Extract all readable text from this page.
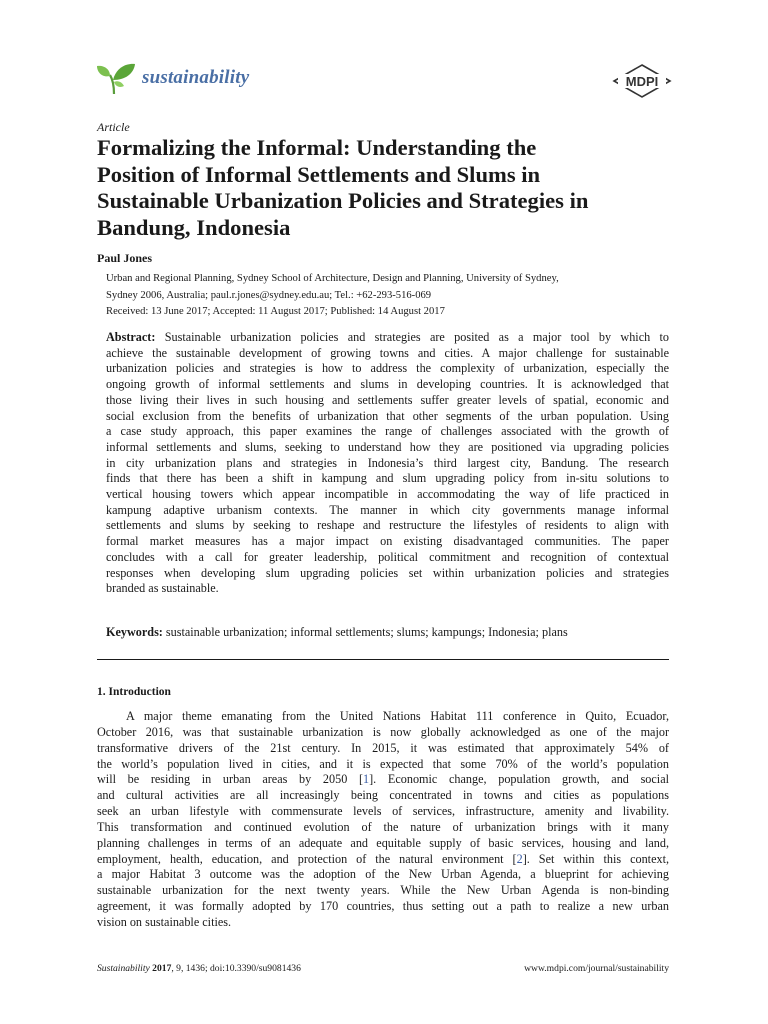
sustainability	MDPI
Article
Formalizing the Informal: Understanding the
Position of Informal Settlements and Slums in
Sustainable Urbanization Policies and Strategies in
Bandung, Indonesia
Paul Jones
Urban and Regional Planning, Sydney School of Architecture, Design and Planning, University of Sydney,
Sydney 2006, Australia; paul.r.jones@sydney.edu.au; Tel.: +62-293-516-069
Received: 13 June 2017; Accepted: 11 August 2017; Published: 14 August 2017
Abstract: Sustainable urbanization policies and strategies are posited as a major tool by which to
achieve the sustainable development of growing towns and cities. A major challenge for sustainable
urbanization policies and strategies is how to address the complexity of urbanization, especially the
ongoing growth of informal settlements and slums in developing countries. It is acknowledged that
those living their lives in such housing and settlements suffer greater levels of spatial, economic and
social exclusion from the benefits of urbanization that other segments of the urban population. Using
a case study approach, this paper examines the range of challenges associated with the growth of
informal settlements and slums, seeking to understand how they are positioned via upgrading policies
in city urbanization plans and strategies in Indonesia’s third largest city, Bandung. The research
finds that there has been a shift in kampung and slum upgrading policy from in-situ solutions to
vertical housing towers which appear incompatible in accommodating the way of life practiced in
kampung adaptive urbanism contexts. The manner in which city governments manage informal
settlements and slums by seeking to reshape and restructure the lifestyles of residents to align with
formal market measures has a major impact on existing disadvantaged communities. The paper
concludes with a call for greater leadership, political commitment and recognition of contextual
responses when developing slum upgrading policies set within urbanization policies and strategies
branded as sustainable.
Keywords: sustainable urbanization; informal settlements; slums; kampungs; Indonesia; plans
1. Introduction
A major theme emanating from the United Nations Habitat 111 conference in Quito, Ecuador,
October 2016, was that sustainable urbanization is now globally acknowledged as one of the major
transformative drivers of the 21st century. In 2015, it was estimated that approximately 54% of
the world’s population lived in cities, and it is expected that some 70% of the world’s population
will be residing in urban areas by 2050 [1]. Economic change, population growth, and social
and cultural activities are all increasingly being concentrated in towns and cities as populations
seek an urban lifestyle with commensurate levels of services, infrastructure, amenity and livability.
This transformation and continued evolution of the nature of urbanization brings with it many
planning challenges in terms of an adequate and equitable supply of basic services, housing and land,
employment, health, education, and protection of the natural environment [2]. Set within this context,
a major Habitat 3 outcome was the adoption of the New Urban Agenda, a blueprint for achieving
sustainable urbanization for the next twenty years. While the New Urban Agenda is non-binding
agreement, it was formally adopted by 170 countries, thus setting out a path to realize a new urban
vision on sustainable cities.
Sustainability 2017, 9, 1436; doi:10.3390/su9081436	www.mdpi.com/journal/sustainability
